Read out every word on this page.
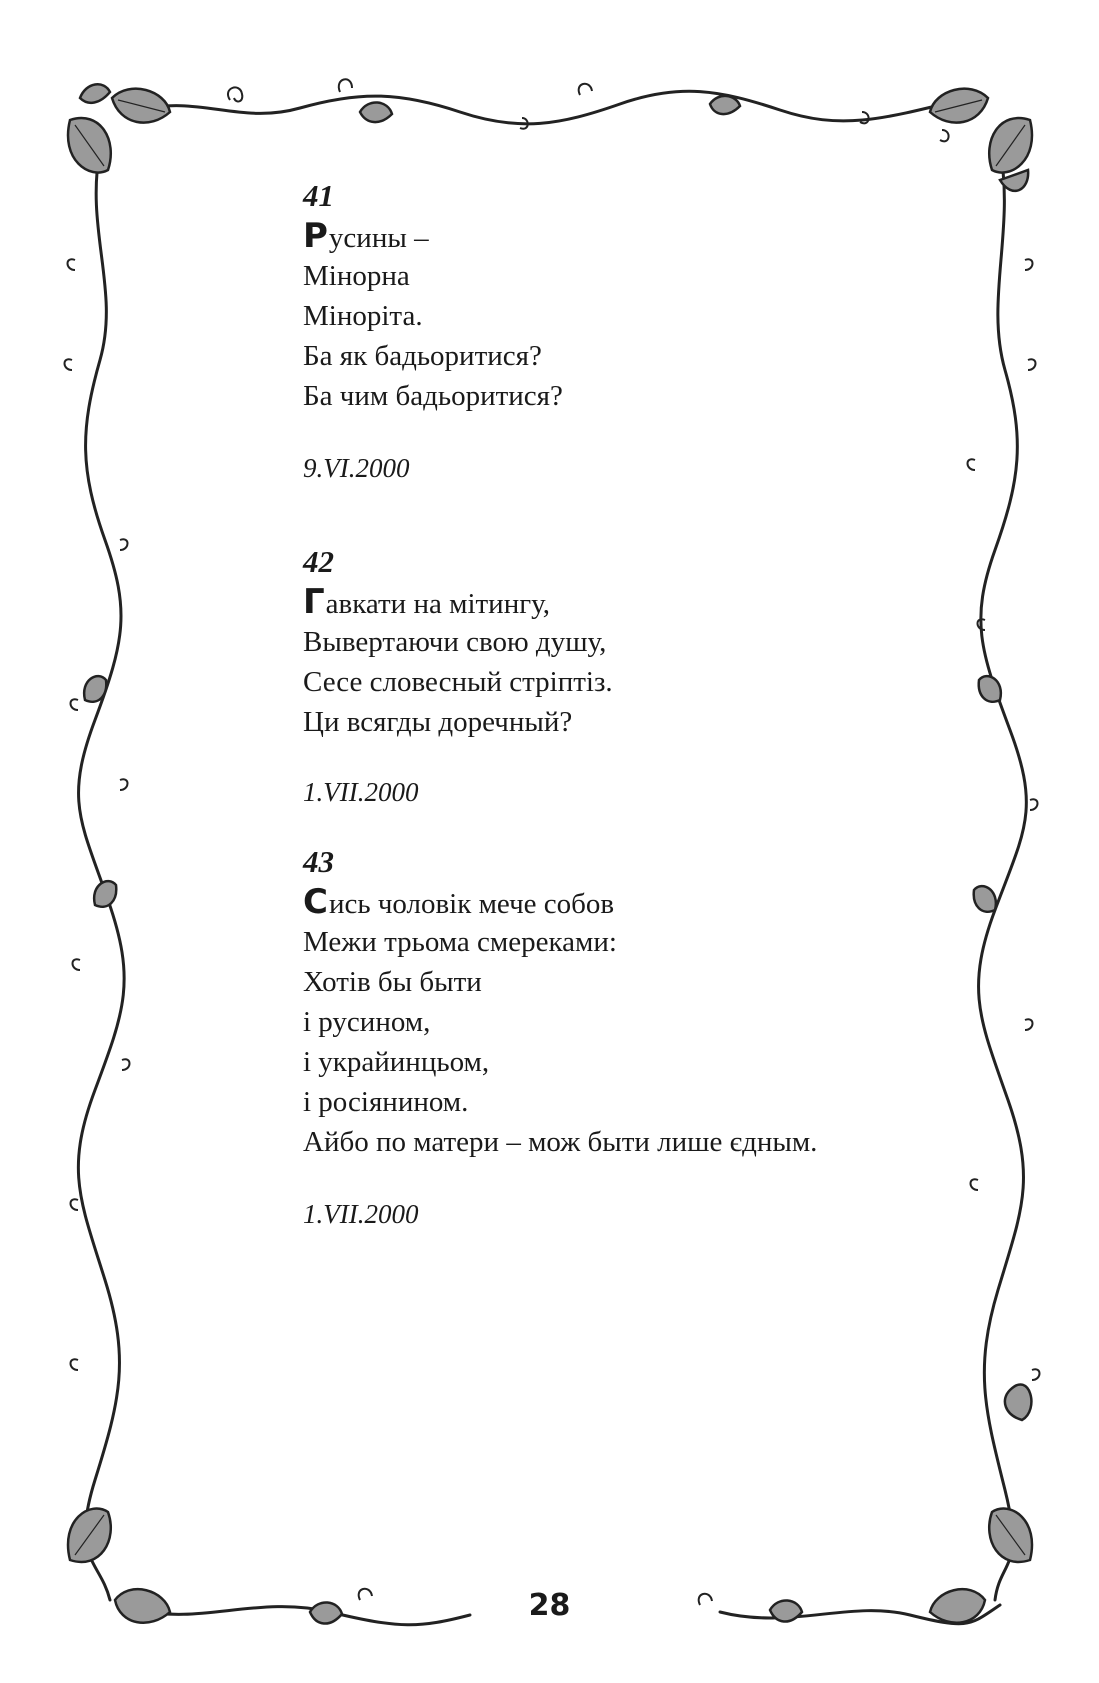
41
Русины –
Мінорна
Міноріта.
Ба як бадьоритися?
Ба чим бадьоритися?
9.VI.2000
42
Гавкати на мітингу,
Вывертаючи свою душу,
Сесе словесный стріптіз.
Ци всягды доречный?
1.VII.2000
43
Сись чоловік мече собов
Межи трьома смереками:
Хотів бы быти
і русином,
і украйинцьом,
і росіянином.
Айбо по матери – мож быти лише єдным.
1.VII.2000
28
